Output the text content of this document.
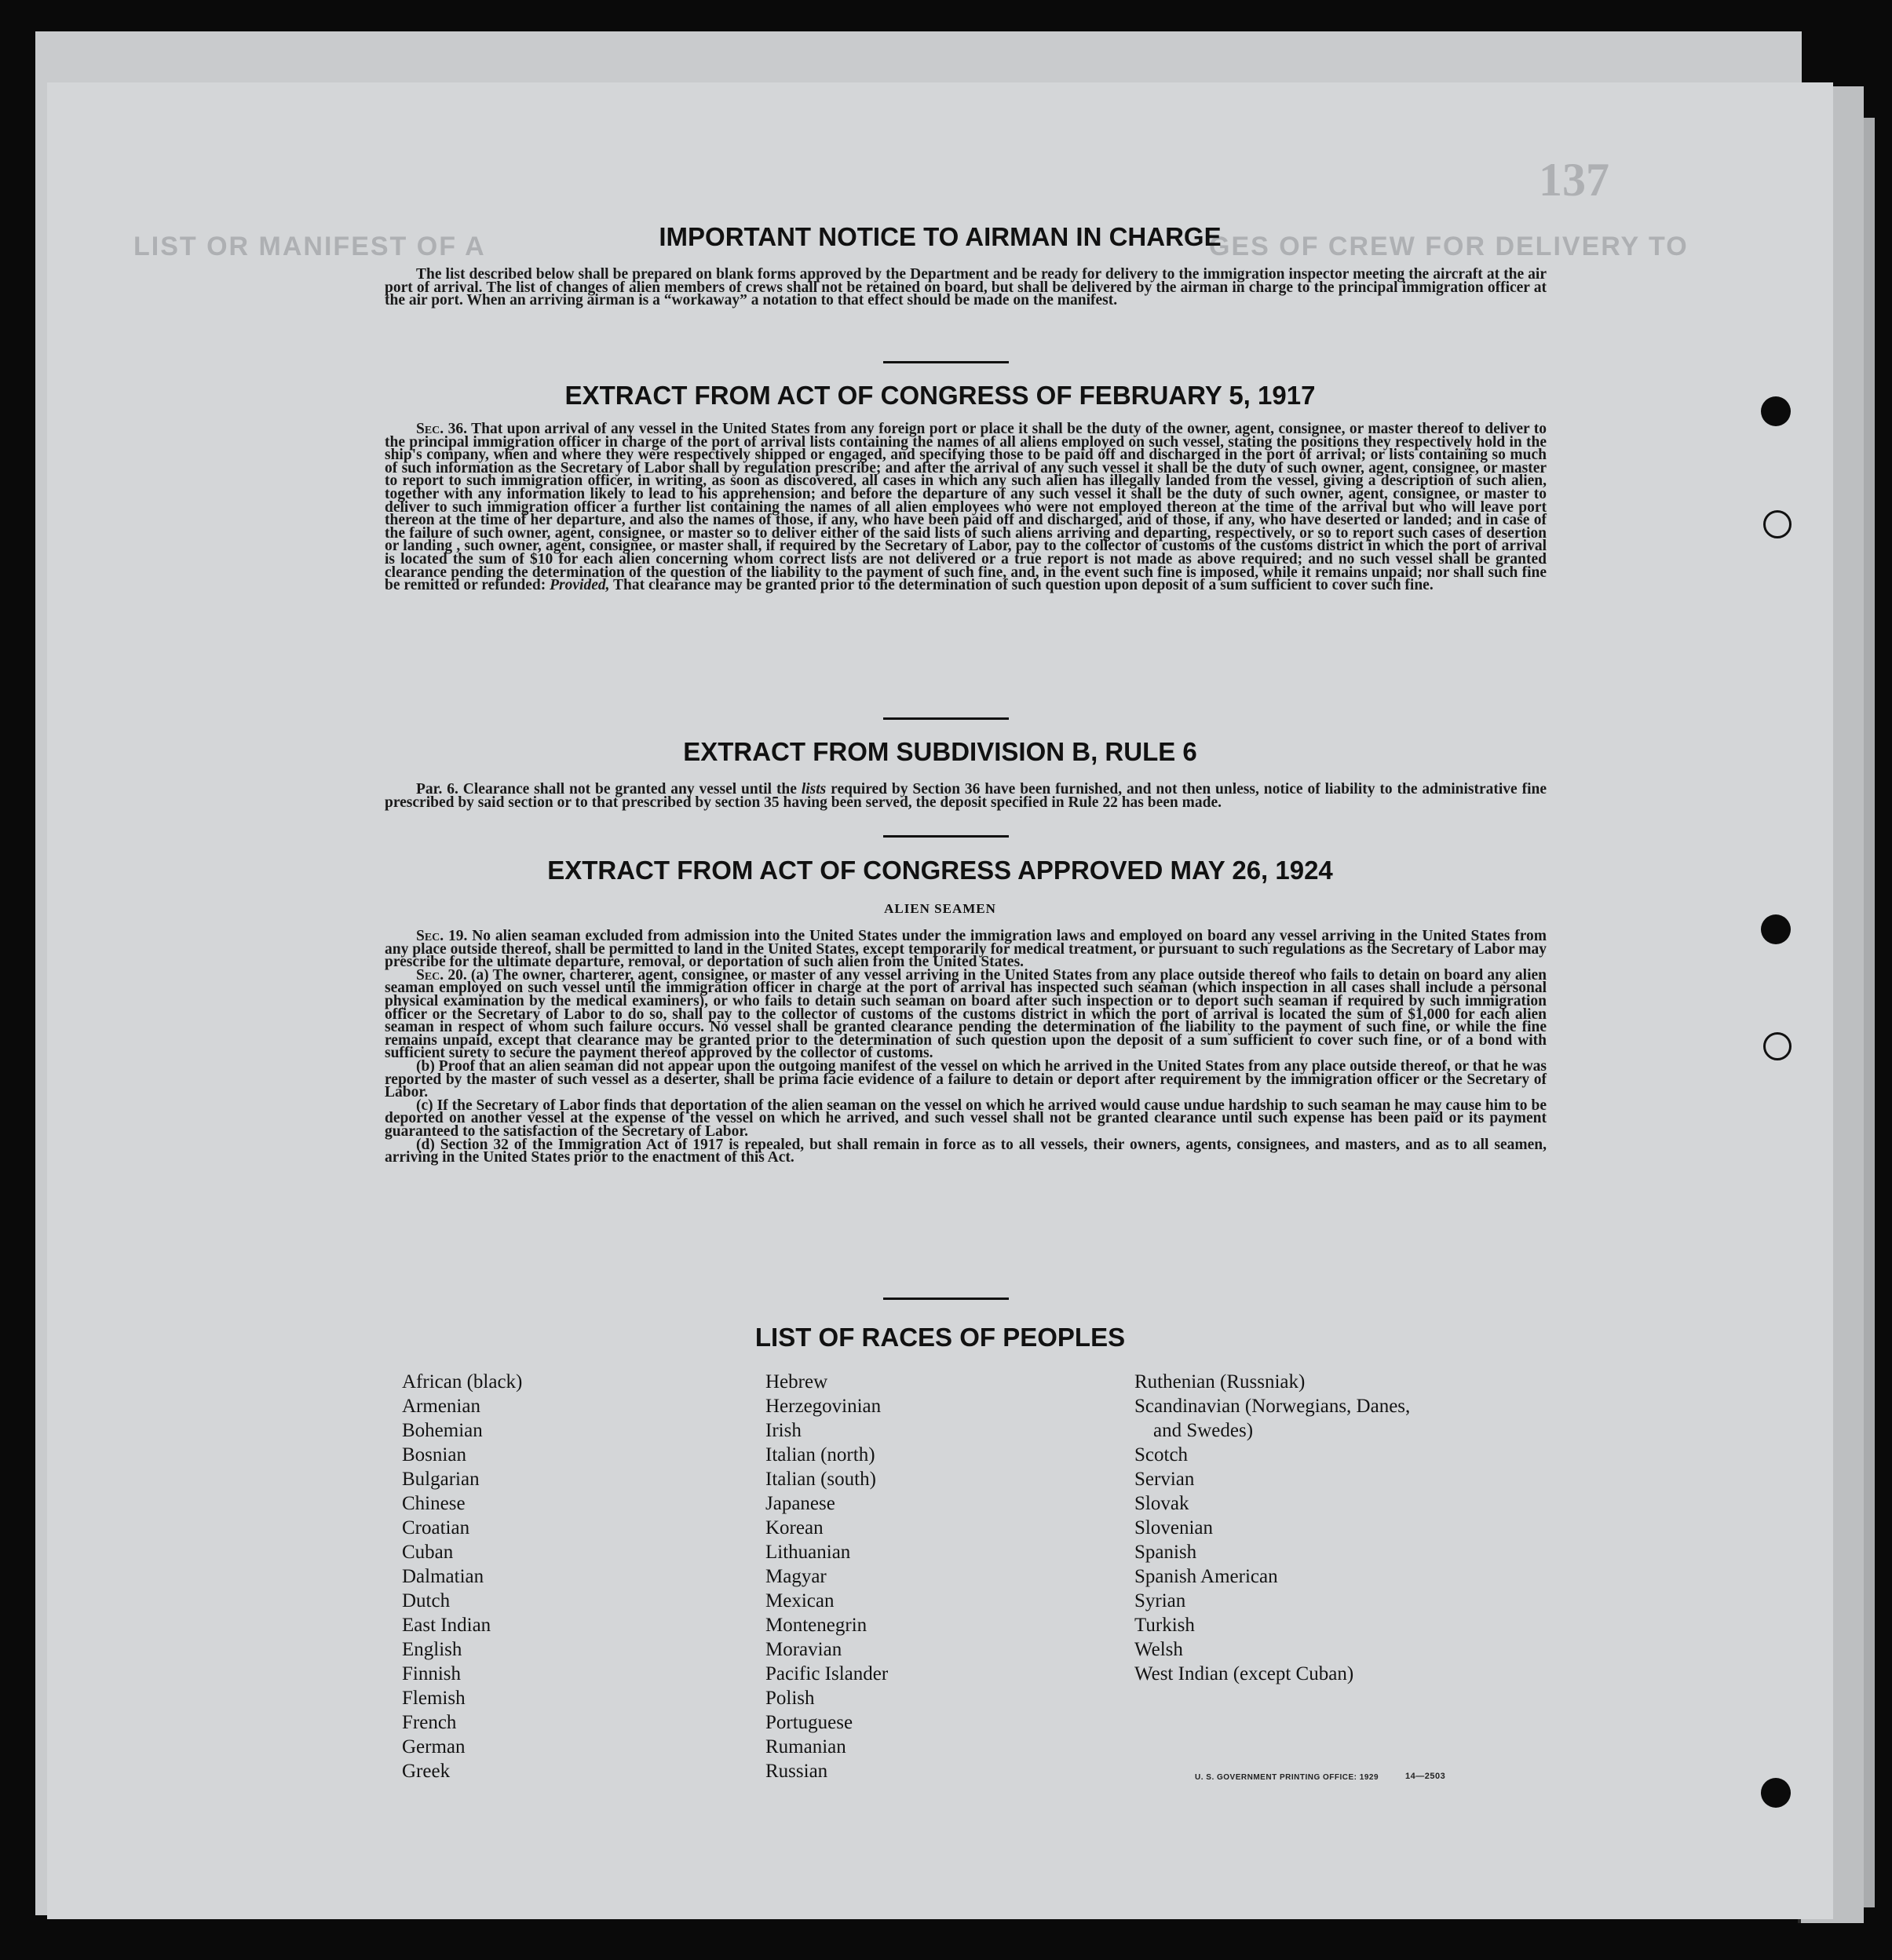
LIST OR MANIFEST OF A	GES OF CREW FOR DELIVERY TO
137
IMPORTANT NOTICE TO AIRMAN IN CHARGE

The list described below shall be prepared on blank forms approved by the Department and be ready for delivery to the immigration inspector meeting the aircraft at the air port of arrival. The list of changes of alien members of crews shall not be retained on board, but shall be delivered by the airman in charge to the principal immigration officer at the air port. When an arriving airman is a “workaway” a notation to that effect should be made on the manifest.

EXTRACT FROM ACT OF CONGRESS OF FEBRUARY 5, 1917

Sec. 36. That upon arrival of any vessel in the United States from any foreign port or place it shall be the duty of the owner, agent, consignee, or master thereof to deliver to the principal immigration officer in charge of the port of arrival lists containing the names of all aliens employed on such vessel, stating the positions they respectively hold in the ship's company, when and where they were respectively shipped or engaged, and specifying those to be paid off and discharged in the port of arrival; or lists containing so much of such information as the Secretary of Labor shall by regulation prescribe; and after the arrival of any such vessel it shall be the duty of such owner, agent, consignee, or master to report to such immigration officer, in writing, as soon as discovered, all cases in which any such alien has illegally landed from the vessel, giving a description of such alien, together with any information likely to lead to his apprehension; and before the departure of any such vessel it shall be the duty of such owner, agent, consignee, or master to deliver to such immigration officer a further list containing the names of all alien employees who were not employed thereon at the time of the arrival but who will leave port thereon at the time of her departure, and also the names of those, if any, who have been paid off and discharged, and of those, if any, who have deserted or landed; and in case of the failure of such owner, agent, consignee, or master so to deliver either of the said lists of such aliens arriving and departing, respectively, or so to report such cases of desertion or landing , such owner, agent, consignee, or master shall, if required by the Secretary of Labor, pay to the collector of customs of the customs district in which the port of arrival is located the sum of $10 for each alien concerning whom correct lists are not delivered or a true report is not made as above required; and no such vessel shall be granted clearance pending the determination of the question of the liability to the payment of such fine, and, in the event such fine is imposed, while it remains unpaid; nor shall such fine be remitted or refunded: Provided, That clearance may be granted prior to the determination of such question upon deposit of a sum sufficient to cover such fine.

EXTRACT FROM SUBDIVISION B, RULE 6

Par. 6. Clearance shall not be granted any vessel until the lists required by Section 36 have been furnished, and not then unless, notice of liability to the administrative fine prescribed by said section or to that prescribed by section 35 having been served, the deposit specified in Rule 22 has been made.

EXTRACT FROM ACT OF CONGRESS APPROVED MAY 26, 1924
ALIEN SEAMEN

Sec. 19. No alien seaman excluded from admission into the United States under the immigration laws and employed on board any vessel arriving in the United States from any place outside thereof, shall be permitted to land in the United States, except temporarily for medical treatment, or pursuant to such regulations as the Secretary of Labor may prescribe for the ultimate departure, removal, or deportation of such alien from the United States.

Sec. 20. (a) The owner, charterer, agent, consignee, or master of any vessel arriving in the United States from any place outside thereof who fails to detain on board any alien seaman employed on such vessel until the immigration officer in charge at the port of arrival has inspected such seaman (which inspection in all cases shall include a personal physical examination by the medical examiners), or who fails to detain such seaman on board after such inspection or to deport such seaman if required by such immigration officer or the Secretary of Labor to do so, shall pay to the collector of customs of the customs district in which the port of arrival is located the sum of $1,000 for each alien seaman in respect of whom such failure occurs. No vessel shall be granted clearance pending the determination of the liability to the payment of such fine, or while the fine remains unpaid, except that clearance may be granted prior to the determination of such question upon the deposit of a sum sufficient to cover such fine, or of a bond with sufficient surety to secure the payment thereof approved by the collector of customs.

(b) Proof that an alien seaman did not appear upon the outgoing manifest of the vessel on which he arrived in the United States from any place outside thereof, or that he was reported by the master of such vessel as a deserter, shall be prima facie evidence of a failure to detain or deport after requirement by the immigration officer or the Secretary of Labor.

(c) If the Secretary of Labor finds that deportation of the alien seaman on the vessel on which he arrived would cause undue hardship to such seaman he may cause him to be deported on another vessel at the expense of the vessel on which he arrived, and such vessel shall not be granted clearance until such expense has been paid or its payment guaranteed to the satisfaction of the Secretary of Labor.

(d) Section 32 of the Immigration Act of 1917 is repealed, but shall remain in force as to all vessels, their owners, agents, consignees, and masters, and as to all seamen, arriving in the United States prior to the enactment of this Act.

LIST OF RACES OF PEOPLES
African (black)
Armenian
Bohemian
Bosnian
Bulgarian
Chinese
Croatian
Cuban
Dalmatian
Dutch
East Indian
English
Finnish
Flemish
French
German
Greek
Hebrew
Herzegovinian
Irish
Italian (north)
Italian (south)
Japanese
Korean
Lithuanian
Magyar
Mexican
Montenegrin
Moravian
Pacific Islander
Polish
Portuguese
Rumanian
Russian
Ruthenian (Russniak)
Scandinavian (Norwegians, Danes,
and Swedes)
Scotch
Servian
Slovak
Slovenian
Spanish
Spanish American
Syrian
Turkish
Welsh
West Indian (except Cuban)
U. S. GOVERNMENT PRINTING OFFICE: 1929	14—2503
